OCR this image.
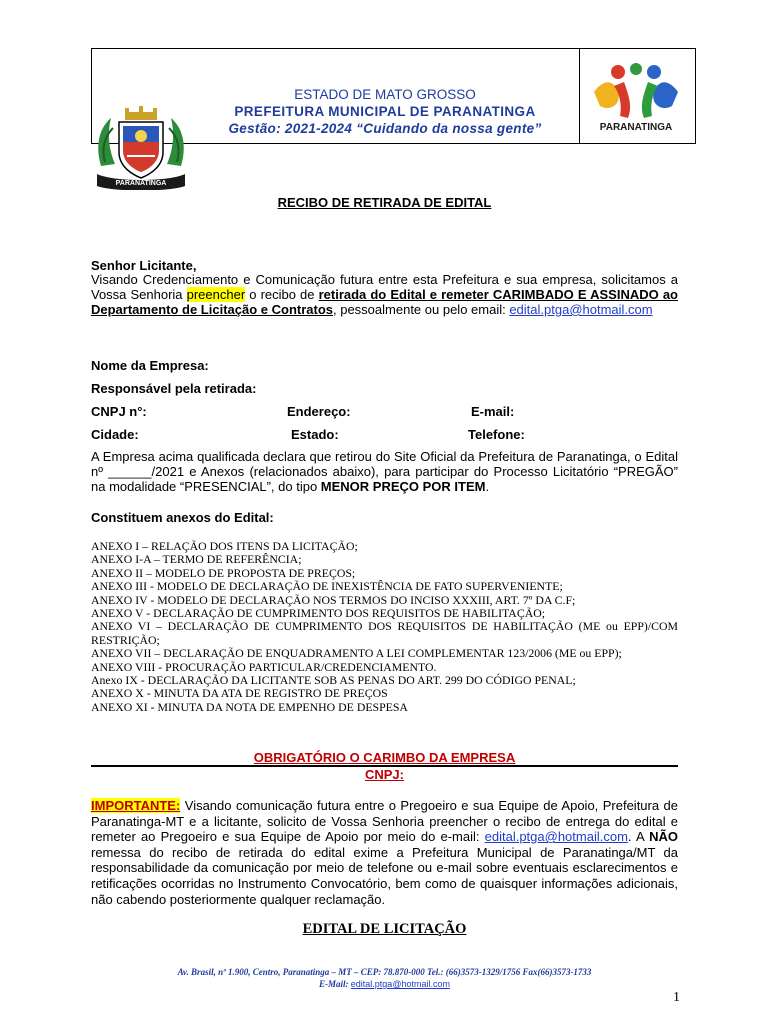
PARANATINGA
ESTADO DE MATO GROSSO
PREFEITURA MUNICIPAL DE PARANATINGA
Gestão: 2021-2024 “Cuidando da nossa gente”	PARANATINGA
RECIBO DE RETIRADA DE EDITAL
Senhor Licitante,
Visando Credenciamento e Comunicação futura entre esta Prefeitura e sua empresa, solicitamos a Vossa Senhoria preencher o recibo de retirada do Edital e remeter CARIMBADO E ASSINADO ao Departamento de Licitação e Contratos, pessoalmente ou pelo email: edital.ptga@hotmail.com
Nome da Empresa:
Responsável pela retirada:
CNPJ n°:	Endereço:	E-mail:
Cidade:	Estado:	Telefone:
A Empresa acima qualificada declara que retirou do Site Oficial da Prefeitura de Paranatinga, o Edital nº ______/2021 e Anexos (relacionados abaixo), para participar do Processo Licitatório “PREGÃO” na modalidade “PRESENCIAL”, do tipo MENOR PREÇO POR ITEM.
Constituem anexos do Edital:
ANEXO I – RELAÇÃO DOS ITENS DA LICITAÇÃO;
ANEXO I-A – TERMO DE REFERÊNCIA;
ANEXO II – MODELO DE PROPOSTA DE PREÇOS;
ANEXO III - MODELO DE DECLARAÇÃO DE INEXISTÊNCIA DE FATO SUPERVENIENTE;
ANEXO IV - MODELO DE DECLARAÇÃO NOS TERMOS DO INCISO XXXIII, ART. 7º DA C.F;
ANEXO V - DECLARAÇÃO DE CUMPRIMENTO DOS REQUISITOS DE HABILITAÇÃO;
ANEXO VI – DECLARAÇÃO DE CUMPRIMENTO DOS REQUISITOS DE HABILITAÇÃO (ME ou EPP)/COM RESTRIÇÃO;
ANEXO VII – DECLARAÇÃO DE ENQUADRAMENTO A LEI COMPLEMENTAR 123/2006 (ME ou EPP);
ANEXO VIII - PROCURAÇÃO PARTICULAR/CREDENCIAMENTO.
Anexo IX - DECLARAÇÃO DA LICITANTE SOB AS PENAS DO ART. 299 DO CÓDIGO PENAL;
ANEXO X - MINUTA DA ATA DE REGISTRO DE PREÇOS
ANEXO XI - MINUTA DA NOTA DE EMPENHO DE DESPESA
OBRIGATÓRIO O CARIMBO DA EMPRESA
CNPJ:
IMPORTANTE: Visando comunicação futura entre o Pregoeiro e sua Equipe de Apoio, Prefeitura de Paranatinga-MT e a licitante, solicito de Vossa Senhoria preencher o recibo de entrega do edital e remeter ao Pregoeiro e sua Equipe de Apoio por meio do e-mail: edital.ptga@hotmail.com. A NÃO remessa do recibo de retirada do edital exime a Prefeitura Municipal de Paranatinga/MT da responsabilidade da comunicação por meio de telefone ou e-mail sobre eventuais esclarecimentos e retificações ocorridas no Instrumento Convocatório, bem como de quaisquer informações adicionais, não cabendo posteriormente qualquer reclamação.
EDITAL DE LICITAÇÃO
Av. Brasil, nº 1.900, Centro, Paranatinga – MT – CEP: 78.870-000 Tel.: (66)3573-1329/1756 Fax(66)3573-1733
E-Mail: edital.ptga@hotmail.com
1
